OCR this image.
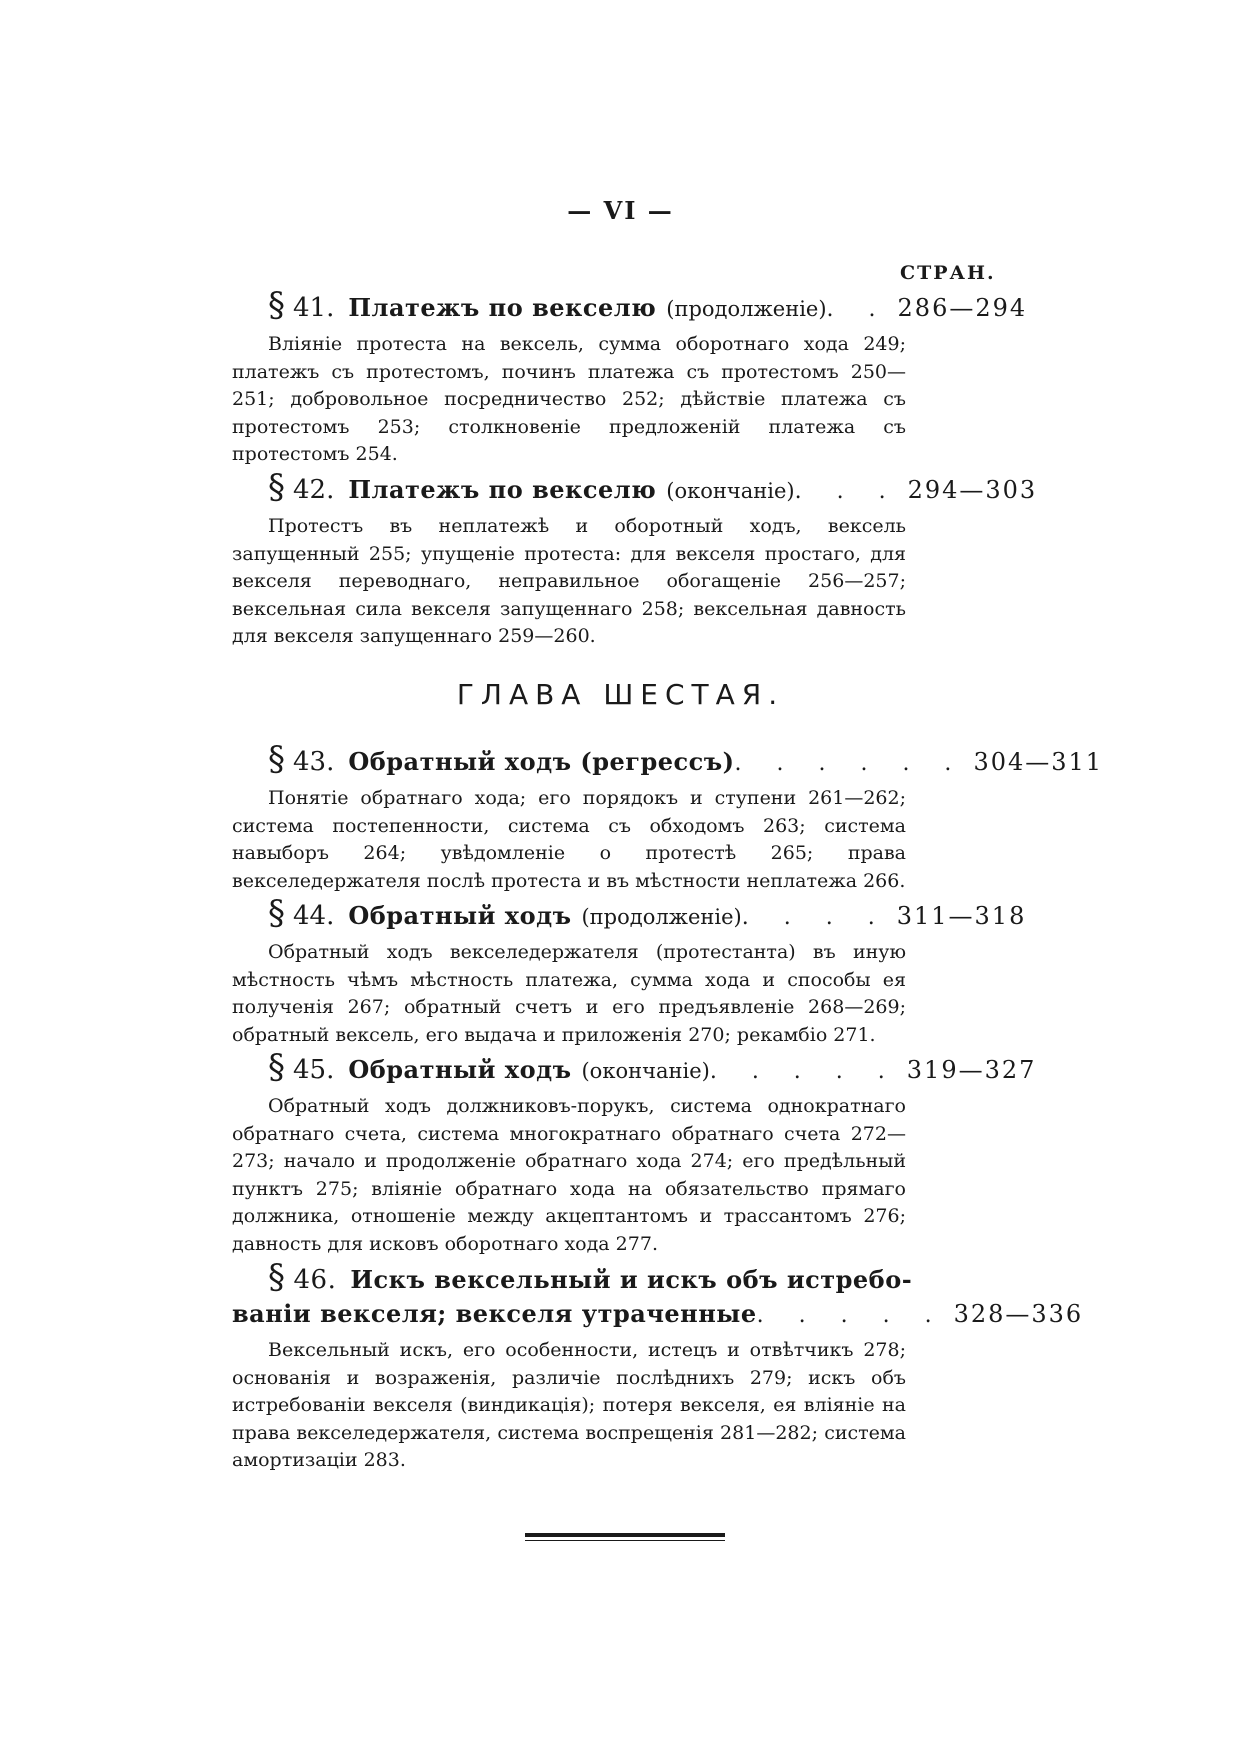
— VI —
СТРАН.
§ 41. Платежъ по векселю (продолженіе) . . 286—294
Вліяніе протеста на вексель, сумма оборотнаго хода 249; платежъ съ протестомъ, починъ платежа съ протестомъ 250—251; добровольное посредничество 252; дѣйствіе платежа съ протестомъ 253; столкновеніе предложеній платежа съ протестомъ 254.
§ 42. Платежъ по векселю (окончаніе) . . . 294—303
Протестъ въ неплатежѣ и оборотный ходъ, вексель запущенный 255; упущеніе протеста: для векселя простаго, для векселя переводнаго, неправильное обогащеніе 256—257; вексельная сила векселя запущеннаго 258; вексельная давность для векселя запущеннаго 259—260.
ГЛАВА ШЕСТАЯ.
§ 43. Обратный ходъ (регрессъ) . . . . . . 304—311
Понятіе обратнаго хода; его порядокъ и ступени 261—262; система постепенности, система съ обходомъ 263; система навыборъ 264; увѣдомленіе о протестѣ 265; права векселедержателя послѣ протеста и въ мѣстности неплатежа 266.
§ 44. Обратный ходъ (продолженіе) . . . . 311—318
Обратный ходъ векселедержателя (протестанта) въ иную мѣстность чѣмъ мѣстность платежа, сумма хода и способы ея полученія 267; обратный счетъ и его предъявленіе 268—269; обратный вексель, его выдача и приложенія 270; рекамбіо 271.
§ 45. Обратный ходъ (окончаніе) . . . . . 319—327
Обратный ходъ должниковъ-порукъ, система однократнаго обратнаго счета, система многократнаго обратнаго счета 272—273; начало и продолженіе обратнаго хода 274; его предѣльный пунктъ 275; вліяніе обратнаго хода на обязательство прямаго должника, отношеніе между акцептантомъ и трассантомъ 276; давность для исковъ оборотнаго хода 277.
§ 46. Искъ вексельный и искъ объ истребо-
ваніи векселя; векселя утраченные . . . . . 328—336
Вексельный искъ, его особенности, истецъ и отвѣтчикъ 278; основанія и возраженія, различіе послѣднихъ 279; искъ объ истребованіи векселя (виндикація); потеря векселя, ея вліяніе на права векселедержателя, система воспрещенія 281—282; система амортизаціи 283.
